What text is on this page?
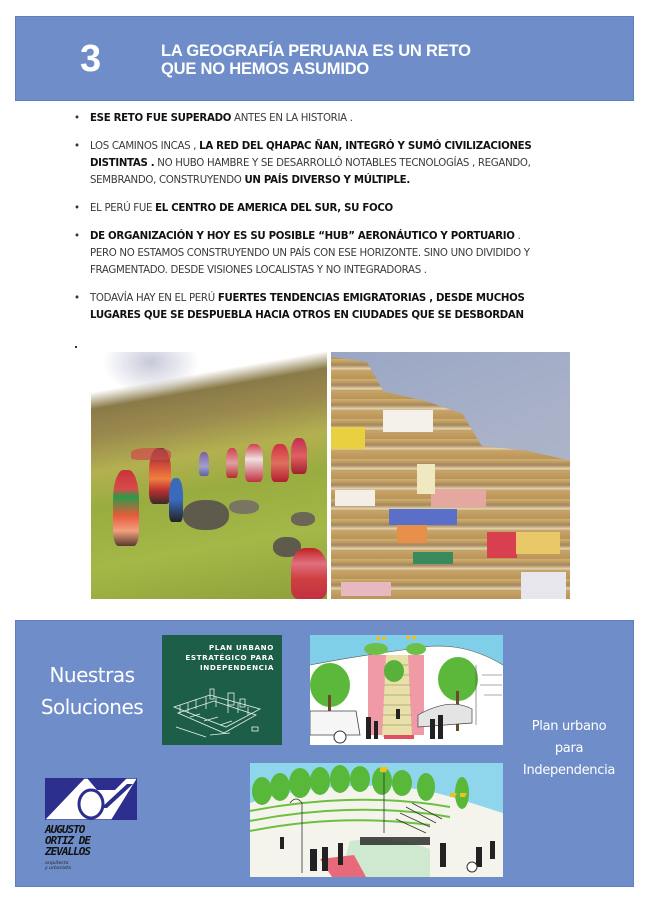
3	LA GEOGRAFÍA PERUANA ES UN RETO
QUE NO HEMOS ASUMIDO
• ESE RETO FUE SUPERADO ANTES EN LA HISTORIA .
• LOS CAMINOS INCAS , LA RED DEL QHAPAC ÑAN, INTEGRÓ Y SUMÓ CIVILIZACIONES DISTINTAS . NO HUBO HAMBRE Y SE DESARROLLÓ NOTABLES TECNOLOGÍAS , REGANDO, SEMBRANDO, CONSTRUYENDO UN PAÍS DIVERSO Y MÚLTIPLE.
• EL PERÚ FUE EL CENTRO DE AMERICA DEL SUR, SU FOCO
• DE ORGANIZACIÓN Y HOY ES SU POSIBLE “HUB” AERONÁUTICO Y PORTUARIO .
PERO NO ESTAMOS CONSTRUYENDO UN PAÍS CON ESE HORIZONTE. SINO UNO DIVIDIDO Y FRAGMENTADO. DESDE VISIONES LOCALISTAS Y NO INTEGRADORAS .
• TODAVÍA HAY EN EL PERÚ FUERTES TENDENCIAS EMIGRATORIAS , DESDE MUCHOS
LUGARES QUE SE DESPUEBLA HACIA OTROS EN CIUDADES QUE SE DESBORDAN
Nuestras
Soluciones
PLAN URBANO
ESTRATÉGICO PARA
INDEPENDENCIA
Plan urbano
para
Independencia
AUGUSTO
ORTIZ DE
ZEVALLOS
arquitecto
y urbanista
